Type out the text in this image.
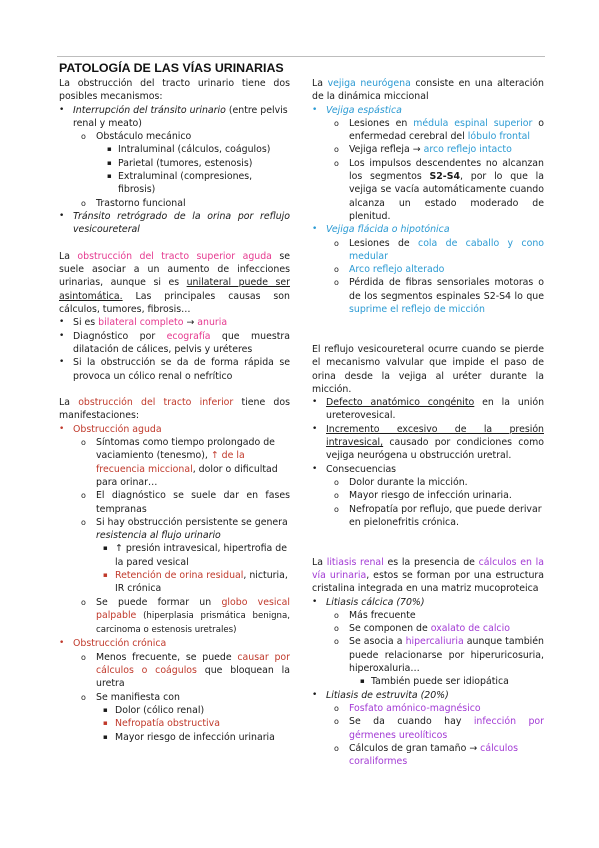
PATOLOGÍA DE LAS VÍAS URINARIAS

La obstrucción del tracto urinario tiene dos posibles mecanismos:

• Interrupción del tránsito urinario (entre pelvis renal y meato)
o	Obstáculo mecánico
▪ Intraluminal (cálculos, coágulos)
▪ Parietal (tumores, estenosis)
▪ Extraluminal (compresiones, fibrosis)
o	Trastorno funcional
• Tránsito retrógrado de la orina por reflujo vesicoureteral

La obstrucción del tracto superior aguda se suele asociar a un aumento de infecciones urinarias, aunque si es unilateral puede ser asintomática. Las principales causas son cálculos, tumores, fibrosis…

• Si es bilateral completo → anuria
• Diagnóstico por ecografía que muestra dilatación de cálices, pelvis y uréteres
• Si la obstrucción se da de forma rápida se provoca un cólico renal o nefrítico

La obstrucción del tracto inferior tiene dos manifestaciones:

• Obstrucción aguda
o	Síntomas como tiempo prolongado de vaciamiento (tenesmo), ↑ de la frecuencia miccional, dolor o dificultad para orinar…
o	El diagnóstico se suele dar en fases tempranas
o	Si hay obstrucción persistente se genera resistencia al flujo urinario
▪ ↑ presión intravesical, hipertrofia de la pared vesical
▪ Retención de orina residual, nicturia, IR crónica
o	Se puede formar un globo vesical palpable (hiperplasia prismática benigna, carcinoma o estenosis uretrales)
• Obstrucción crónica
o	Menos frecuente, se puede causar por cálculos o coágulos que bloquean la uretra
o	Se manifiesta con
▪ Dolor (cólico renal)
▪ Nefropatía obstructiva
▪ Mayor riesgo de infección urinaria

La vejiga neurógena consiste en una alteración de la dinámica miccional

• Vejiga espástica
o	Lesiones en médula espinal superior o enfermedad cerebral del lóbulo frontal
o	Vejiga refleja → arco reflejo intacto
o	Los impulsos descendentes no alcanzan los segmentos S2-S4, por lo que la vejiga se vacía automáticamente cuando alcanza un estado moderado de plenitud.
• Vejiga flácida o hipotónica
o	Lesiones de cola de caballo y cono medular
o	Arco reflejo alterado
o	Pérdida de fibras sensoriales motoras o de los segmentos espinales S2-S4 lo que suprime el reflejo de micción

El reflujo vesicoureteral ocurre cuando se pierde el mecanismo valvular que impide el paso de orina desde la vejiga al uréter durante la micción.

• Defecto anatómico congénito en la unión ureterovesical.
• Incremento excesivo de la presión intravesical, causado por condiciones como vejiga neurógena u obstrucción uretral.
• Consecuencias
o	Dolor durante la micción.
o	Mayor riesgo de infección urinaria.
o	Nefropatía por reflujo, que puede derivar en pielonefritis crónica.

La litiasis renal es la presencia de cálculos en la vía urinaria, estos se forman por una estructura cristalina integrada en una matriz mucoproteica

• Litiasis cálcica (70%)
o	Más frecuente
o	Se componen de oxalato de calcio
o	Se asocia a hipercaliuria aunque también puede relacionarse por hiperuricosuria, hiperoxaluria…
▪ También puede ser idiopática
• Litiasis de estruvita (20%)
o	Fosfato amónico-magnésico
o	Se da cuando hay infección por gérmenes ureolíticos
o	Cálculos de gran tamaño → cálculos coraliformes
